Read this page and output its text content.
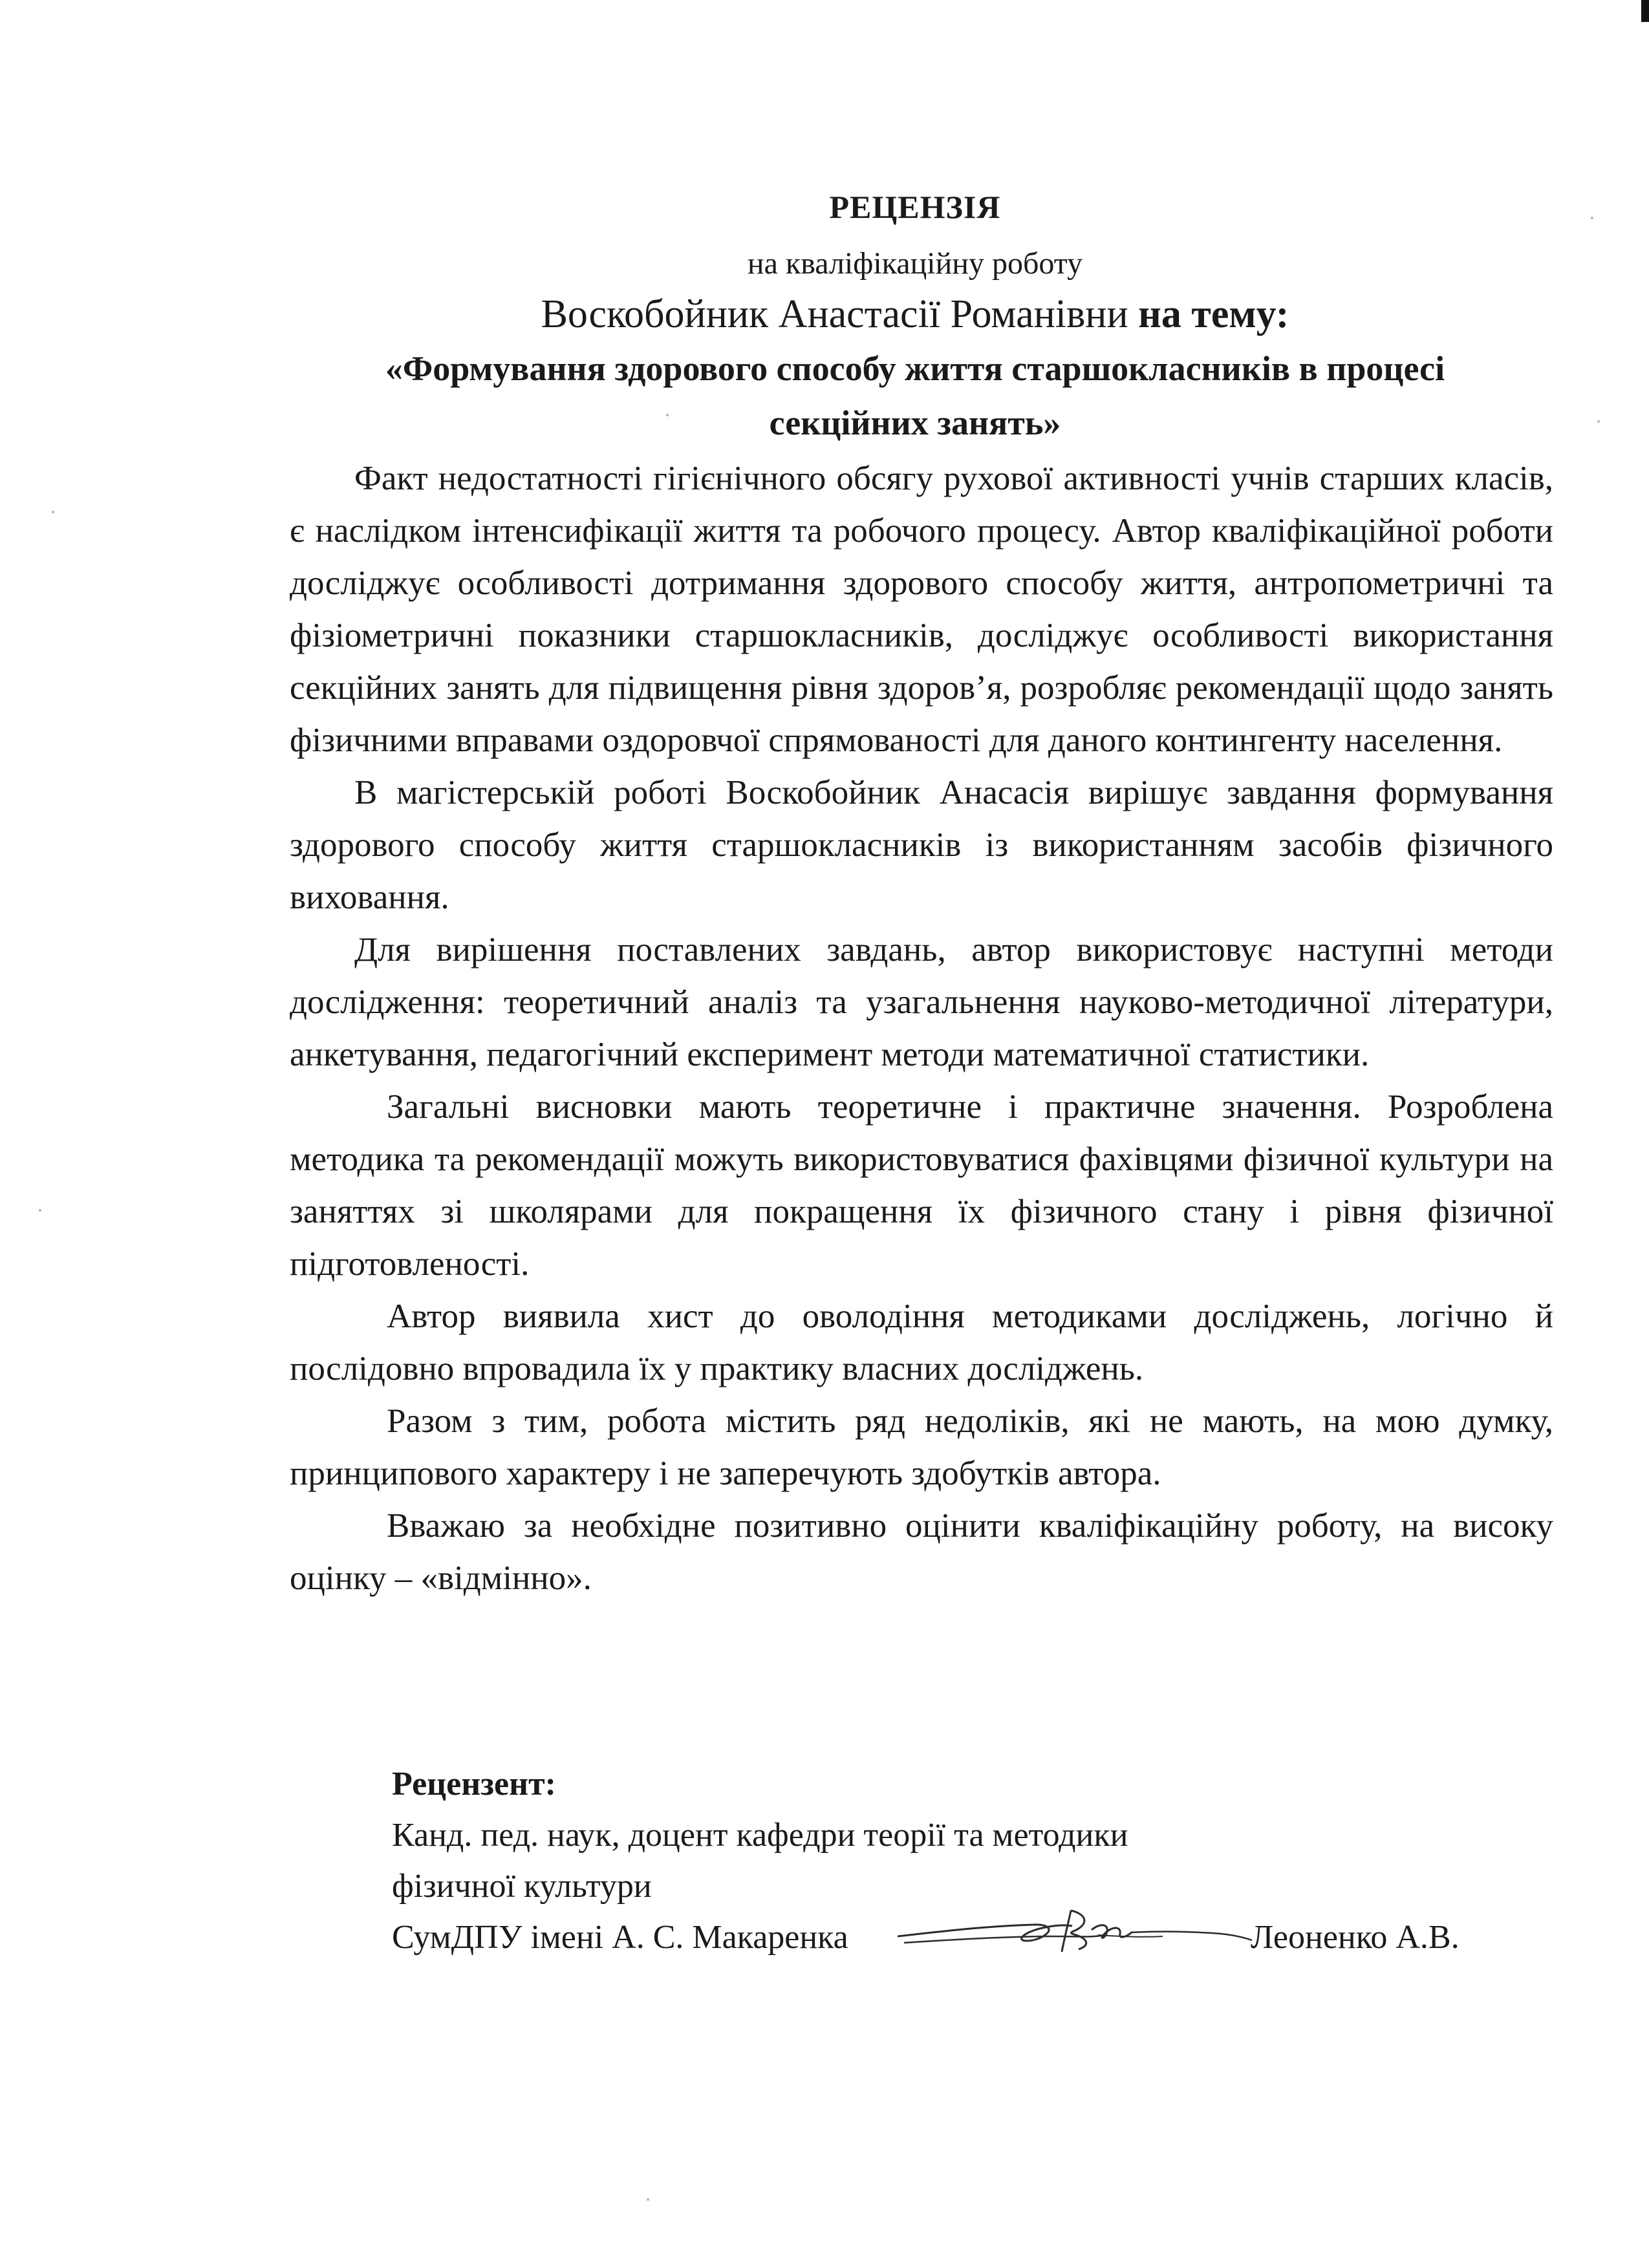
РЕЦЕНЗІЯ
на кваліфікаційну роботу
Воскобойник Анастасії Романівни на тему:
«Формування здорового способу життя старшокласників в процесі
секційних занять»

Факт недостатності гігієнічного обсягу рухової активності учнів старших класів, є наслідком інтенсифікації життя та робочого процесу. Автор кваліфікаційної роботи досліджує особливості дотримання здорового способу життя, антропометричні та фізіометричні показники старшокласників, досліджує особливості використання секційних занять для підвищення рівня здоров’я, розробляє рекомендації щодо занять фізичними вправами оздоровчої спрямованості для даного контингенту населення.

В магістерській роботі Воскобойник Анасасія вирішує завдання формування здорового способу життя старшокласників із використанням засобів фізичного виховання.

Для вирішення поставлених завдань, автор використовує наступні методи дослідження: теоретичний аналіз та узагальнення науково-методичної літератури, анкетування, педагогічний експеримент методи математичної статистики.

Загальні висновки мають теоретичне і практичне значення. Розроблена методика та рекомендації можуть використовуватися фахівцями фізичної культури на заняттях зі школярами для покращення їх фізичного стану і рівня фізичної підготовленості.

Автор виявила хист до оволодіння методиками досліджень, логічно й послідовно впровадила їх у практику власних досліджень.

Разом з тим, робота містить ряд недоліків, які не мають, на мою думку, принципового характеру і не заперечують здобутків автора.

Вважаю за необхідне позитивно оцінити кваліфікаційну роботу, на високу оцінку – «відмінно».

Рецензент:
Канд. пед. наук, доцент кафедри теорії та методики
фізичної культури
СумДПУ імені А. С. Макаренка	Леоненко А.В.
